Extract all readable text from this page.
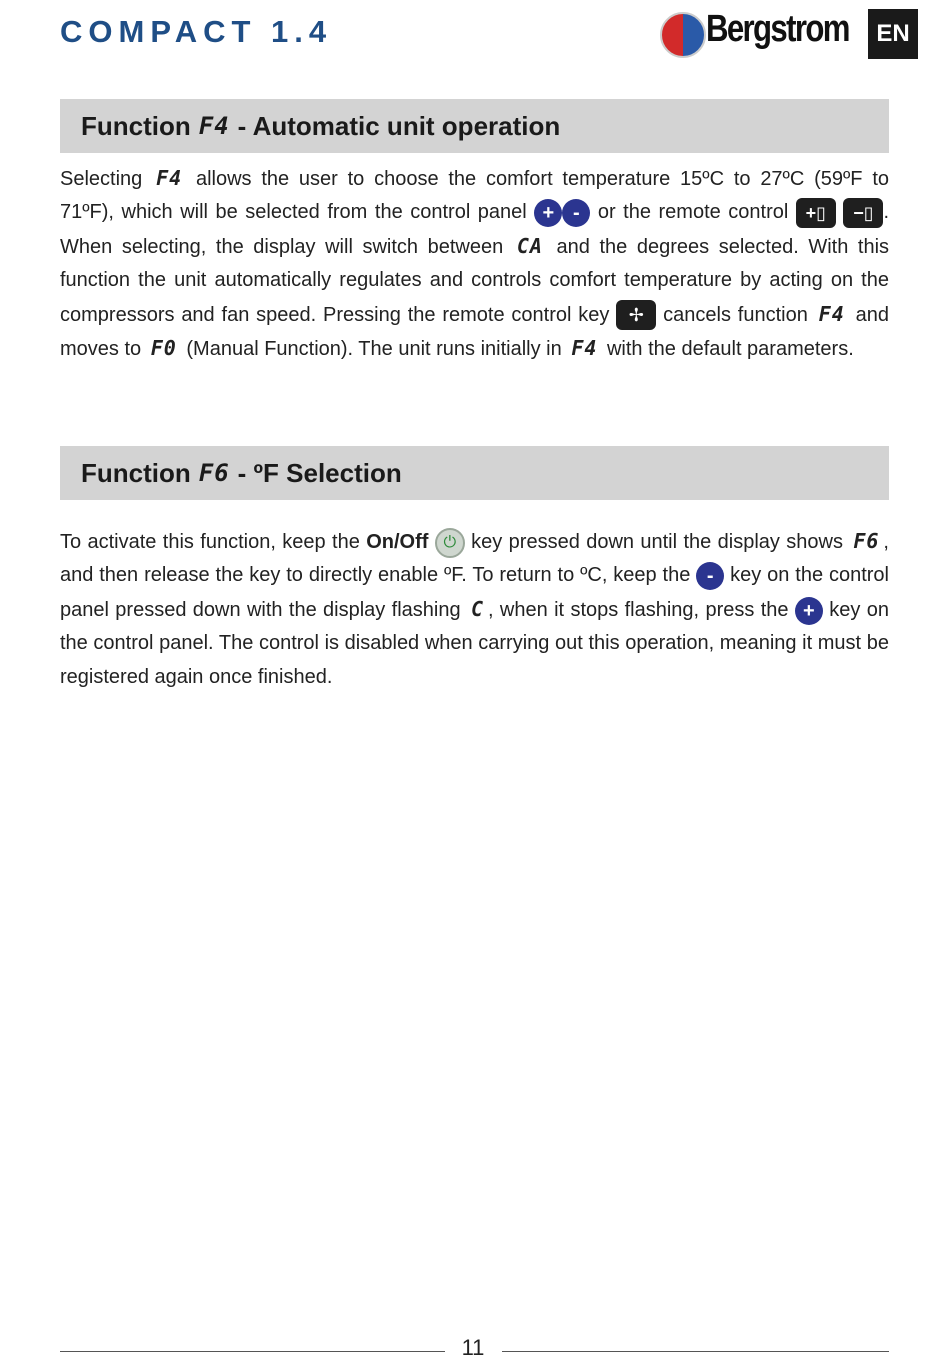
COMPACT 1.4	Bergstrom	EN
Function F4 - Automatic unit operation

Selecting F4 allows the user to choose the comfort temperature 15ºC to 27ºC (59ºF to 71ºF), which will be selected from the control panel + - or the remote control +▯ −▯ . When selecting, the display will switch between CA and the degrees selected. With this function the unit automatically regulates and controls comfort temperature by acting on the compressors and fan speed. Pressing the remote control key ✢ cancels function F4 and moves to F0 (Manual Function). The unit runs initially in F4 with the default parameters.

Function F6 - ºF Selection

To activate this function, keep the On/Off ⏻ key pressed down until the display shows F6 , and then release the key to directly enable ºF. To return to ºC, keep the - key on the control panel pressed down with the display flashing C , when it stops flashing, press the + key on the control panel. The control is disabled when carrying out this operation, meaning it must be registered again once finished.

11
